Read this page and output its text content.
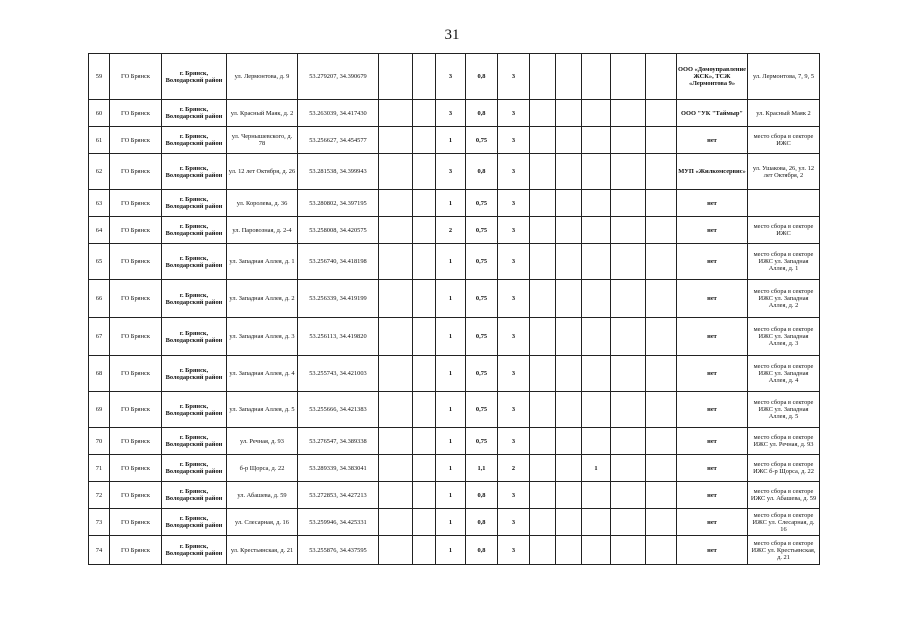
31
59	ГО Брянск	г. Брянск, Володарский район	ул. Лермонтова, д. 9	53.279207, 34.390679			3	0,8	3						ООО «Домоуправление ЖСК», ТСЖ «Лермонтова 9»	ул. Лермонтова, 7, 9, 5
60	ГО Брянск	г. Брянск, Володарский район	ул. Красный Маяк, д. 2	53.263039, 34.417430			3	0,8	3						ООО "УК "Таймыр"	ул. Красный Маяк 2
61	ГО Брянск	г. Брянск, Володарский район	ул. Чернышевского, д. 78	53.256627, 34.454577			1	0,75	3						нет	место сбора в секторе ИЖС
62	ГО Брянск	г. Брянск, Володарский район	ул. 12 лет Октября, д. 26	53.281538, 34.399943			3	0,8	3						МУП «Жилкомсервис»	ул. Ушакова, 26, ул. 12 лет Октября, 2
63	ГО Брянск	г. Брянск, Володарский район	ул. Королева, д. 36	53.280802, 34.397195			1	0,75	3						нет	
64	ГО Брянск	г. Брянск, Володарский район	ул. Паровозная, д. 2-4	53.258008, 34.420575			2	0,75	3						нет	место сбора в секторе ИЖС
65	ГО Брянск	г. Брянск, Володарский район	ул. Западная Аллея, д. 1	53.256740, 34.418198			1	0,75	3						нет	место сбора в секторе ИЖС ул. Западная Аллея, д. 1
66	ГО Брянск	г. Брянск, Володарский район	ул. Западная Аллея, д. 2	53.256339, 34.419199			1	0,75	3						нет	место сбора в секторе ИЖС ул. Западная Аллея, д. 2
67	ГО Брянск	г. Брянск, Володарский район	ул. Западная Аллея, д. 3	53.256113, 34.419820			1	0,75	3						нет	место сбора в секторе ИЖС ул. Западная Аллея, д. 3
68	ГО Брянск	г. Брянск, Володарский район	ул. Западная Аллея, д. 4	53.255743, 34.421003			1	0,75	3						нет	место сбора в секторе ИЖС ул. Западная Аллея, д. 4
69	ГО Брянск	г. Брянск, Володарский район	ул. Западная Аллея, д. 5	53.255666, 34.421383			1	0,75	3						нет	место сбора в секторе ИЖС ул. Западная Аллея, д. 5
70	ГО Брянск	г. Брянск, Володарский район	ул. Речная, д. 93	53.276547, 34.389338			1	0,75	3						нет	место сбора в секторе ИЖС ул. Речная, д. 93
71	ГО Брянск	г. Брянск, Володарский район	б-р Щорса, д. 22	53.289339, 34.383041			1	1,1	2			1			нет	место сбора в секторе ИЖС б-р Щорса, д. 22
72	ГО Брянск	г. Брянск, Володарский район	ул. Абашева, д. 59	53.272853, 34.427213			1	0,8	3						нет	место сбора в секторе ИЖС ул. Абашева, д. 59
73	ГО Брянск	г. Брянск, Володарский район	ул. Слесарная, д. 16	53.259946, 34.425331			1	0,8	3						нет	место сбора в секторе ИЖС ул. Слесарная, д. 16
74	ГО Брянск	г. Брянск, Володарский район	ул. Крестьянская, д. 21	53.255876, 34.437595			1	0,8	3						нет	место сбора в секторе ИЖС ул. Крестьянская, д. 21
